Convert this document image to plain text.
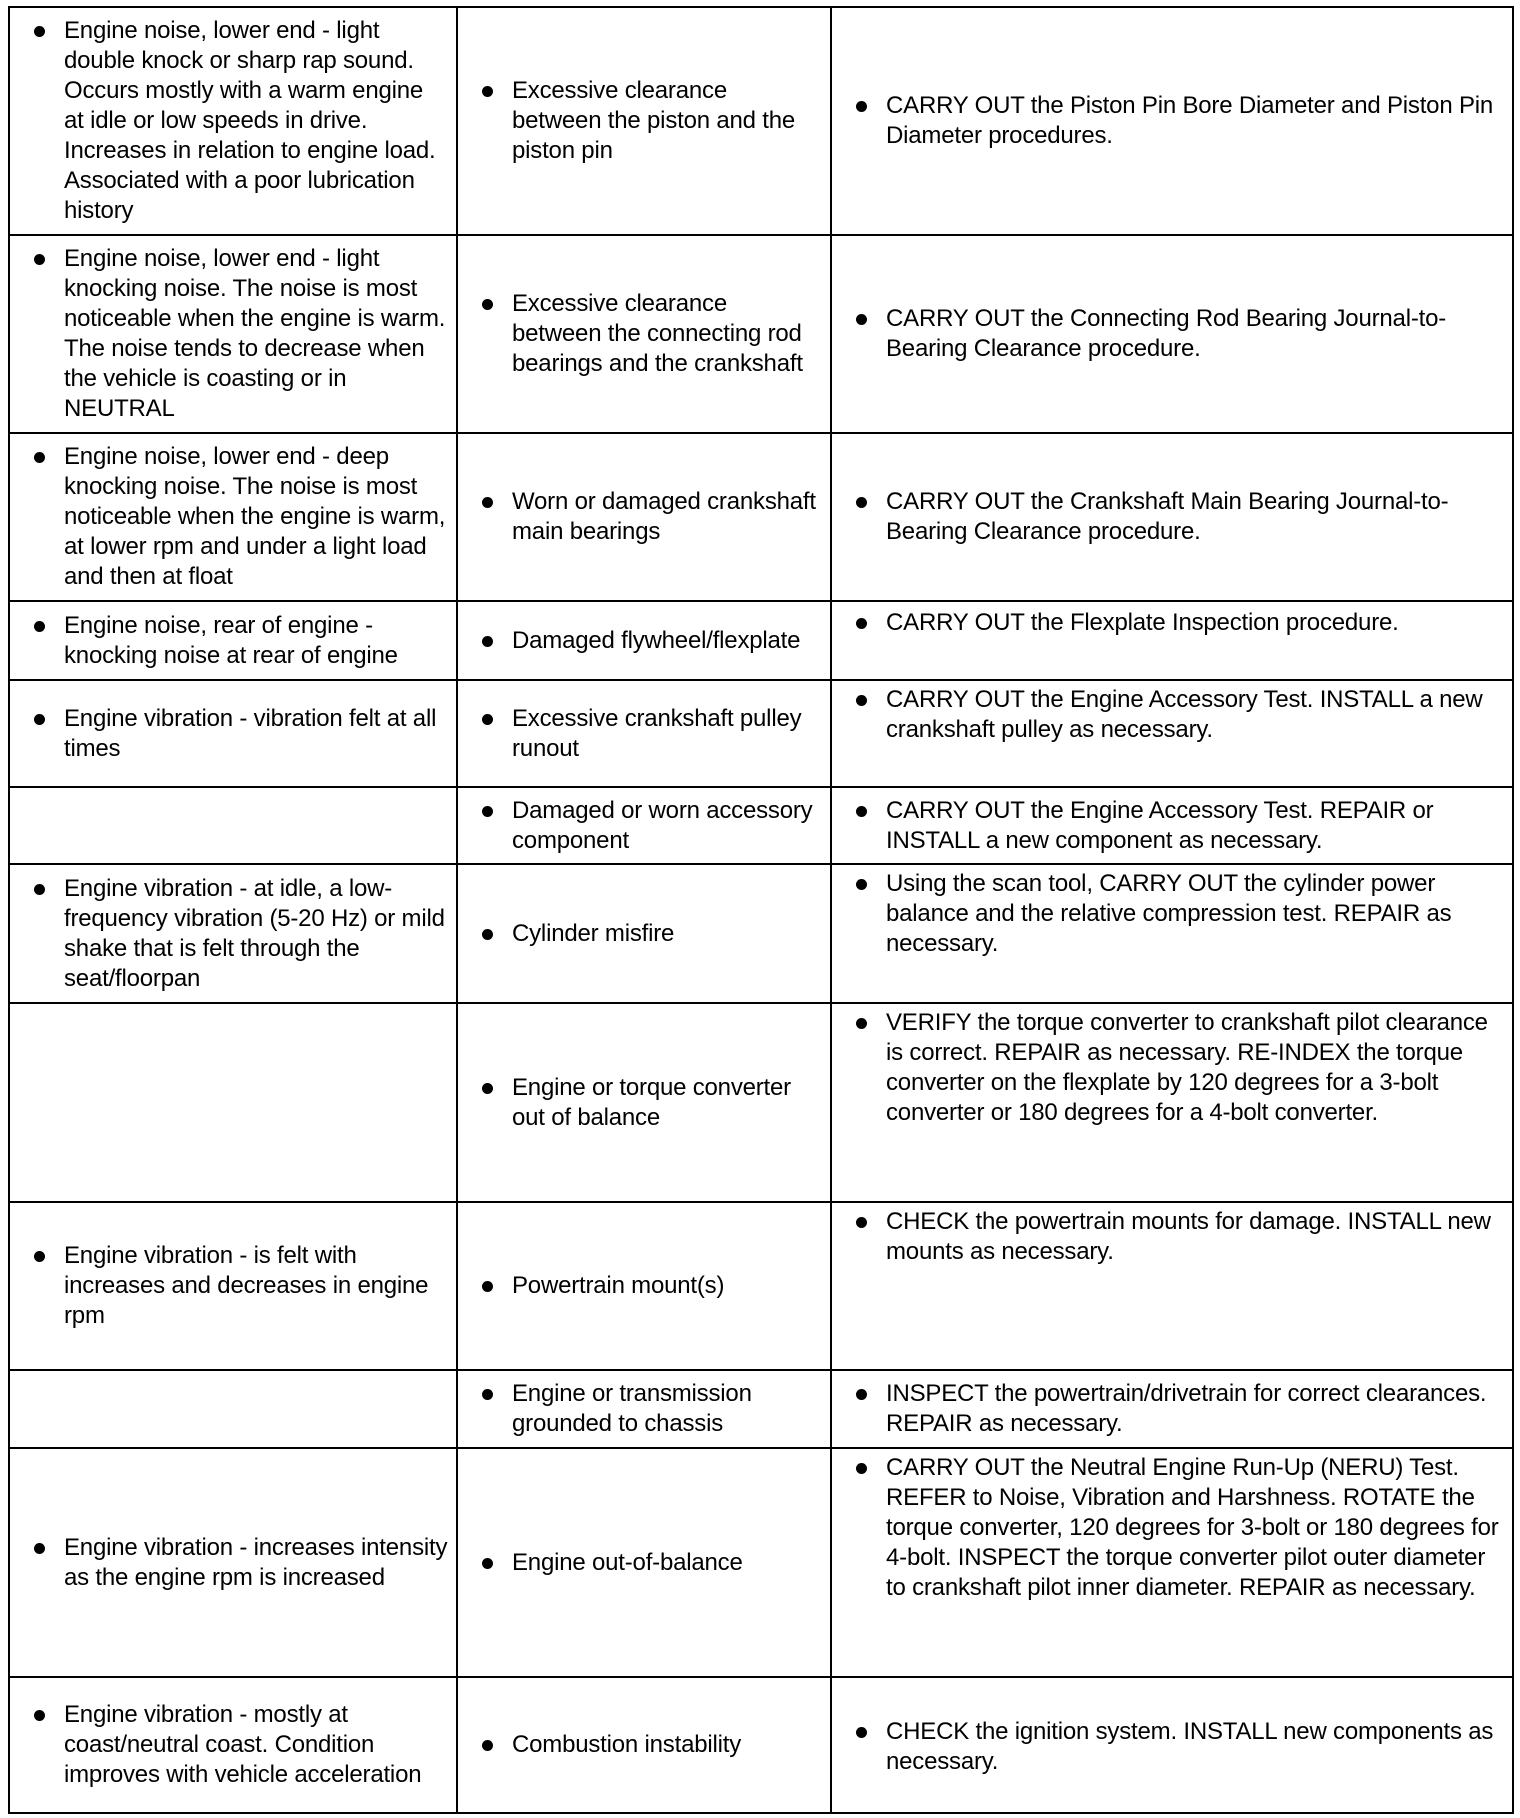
Engine noise, lower end - light double knock or sharp rap sound. Occurs mostly with a warm engine at idle or low speeds in drive. Increases in relation to engine load. Associated with a poor lubrication history	Excessive clearance between the piston and the piston pin	CARRY OUT the Piston Pin Bore Diameter and Piston Pin Diameter procedures.

Engine noise, lower end - light knocking noise. The noise is most noticeable when the engine is warm. The noise tends to decrease when the vehicle is coasting or in NEUTRAL	Excessive clearance between the connecting rod bearings and the crankshaft	CARRY OUT the Connecting Rod Bearing Journal-to-Bearing Clearance procedure.

Engine noise, lower end - deep knocking noise. The noise is most noticeable when the engine is warm, at lower rpm and under a light load and then at float	Worn or damaged crankshaft main bearings	CARRY OUT the Crankshaft Main Bearing Journal-to-Bearing Clearance procedure.

Engine noise, rear of engine - knocking noise at rear of engine	Damaged flywheel/flexplate	CARRY OUT the Flexplate Inspection procedure.

Engine vibration - vibration felt at all times	Excessive crankshaft pulley runout	CARRY OUT the Engine Accessory Test. INSTALL a new crankshaft pulley as necessary.

	Damaged or worn accessory component	CARRY OUT the Engine Accessory Test. REPAIR or INSTALL a new component as necessary.

Engine vibration - at idle, a low-frequency vibration (5-20 Hz) or mild shake that is felt through the seat/floorpan	Cylinder misfire	Using the scan tool, CARRY OUT the cylinder power balance and the relative compression test. REPAIR as necessary.

	Engine or torque converter out of balance	VERIFY the torque converter to crankshaft pilot clearance is correct. REPAIR as necessary. RE-INDEX the torque converter on the flexplate by 120 degrees for a 3-bolt converter or 180 degrees for a 4-bolt converter.

Engine vibration - is felt with increases and decreases in engine rpm	Powertrain mount(s)	CHECK the powertrain mounts for damage. INSTALL new mounts as necessary.

	Engine or transmission grounded to chassis	INSPECT the powertrain/drivetrain for correct clearances. REPAIR as necessary.

Engine vibration - increases intensity as the engine rpm is increased	Engine out-of-balance	CARRY OUT the Neutral Engine Run-Up (NERU) Test. REFER to Noise, Vibration and Harshness. ROTATE the torque converter, 120 degrees for 3-bolt or 180 degrees for 4-bolt. INSPECT the torque converter pilot outer diameter to crankshaft pilot inner diameter. REPAIR as necessary.

Engine vibration - mostly at coast/neutral coast. Condition improves with vehicle acceleration	Combustion instability	CHECK the ignition system. INSTALL new components as necessary.
